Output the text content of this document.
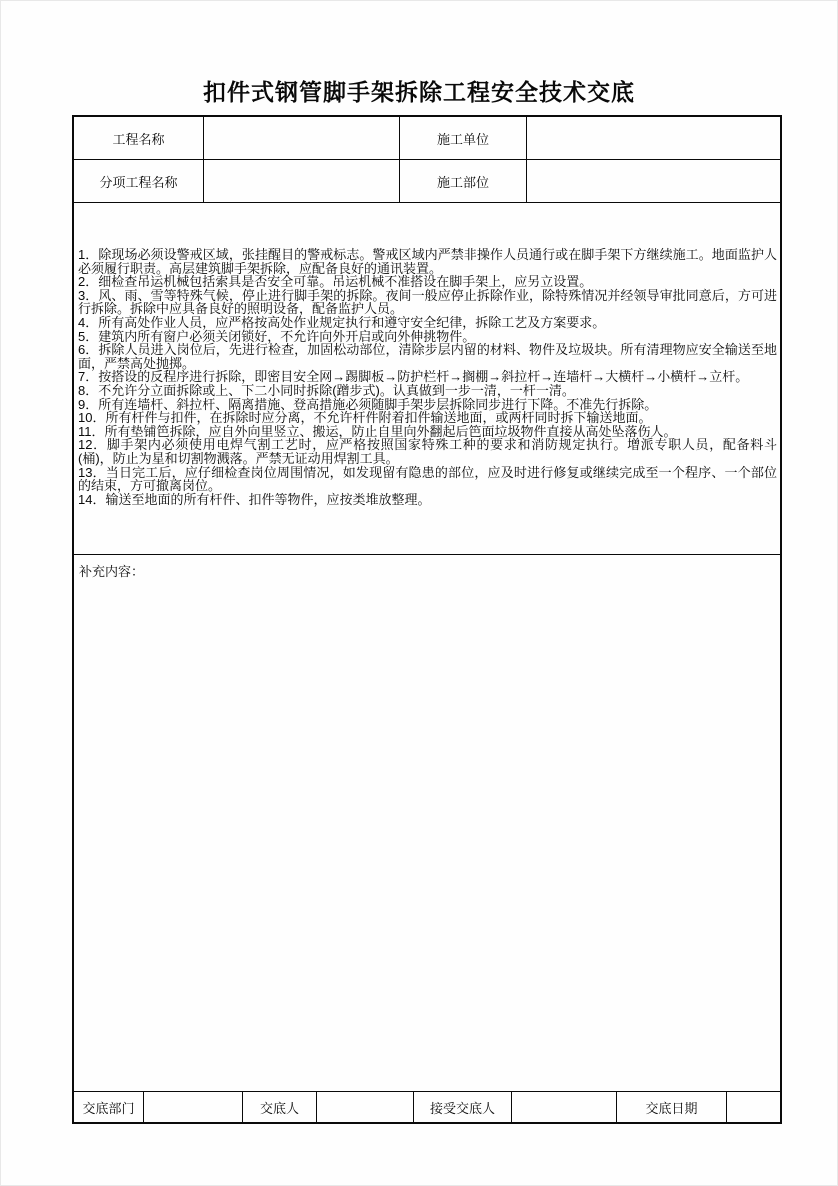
扣件式钢管脚手架拆除工程安全技术交底
工程名称	施工单位
分项工程名称	施工部位
1．除现场必须设警戒区域，张挂醒目的警戒标志。警戒区域内严禁非操作人员通行或在脚手架下方继续施工。地面监护人必须履行职责。高层建筑脚手架拆除，应配备良好的通讯装置。
2．细检查吊运机械包括索具是否安全可靠。吊运机械不准搭设在脚手架上，应另立设置。
3．风、雨、雪等特殊气候，停止进行脚手架的拆除。夜间一般应停止拆除作业，除特殊情况并经领导审批同意后，方可进行拆除。拆除中应具备良好的照明设备，配备监护人员。
4．所有高处作业人员，应严格按高处作业规定执行和遵守安全纪律，拆除工艺及方案要求。
5．建筑内所有窗户必须关闭锁好，不允许向外开启或向外伸挑物件。
6．拆除人员进入岗位后，先进行检查，加固松动部位，清除步层内留的材料、物件及垃圾块。所有清理物应安全输送至地面，严禁高处抛掷。
7．按搭设的反程序进行拆除，即密目安全网→踢脚板→防护栏杆→搁棚→斜拉杆→连墙杆→大横杆→小横杆→立杆。
8．不允许分立面拆除或上、下二小同时拆除(蹭步式)。认真做到一步一清，一杆一清。
9．所有连墙杆、斜拉杆、隔离措施、登高措施必须随脚手架步层拆除同步进行下降。不准先行拆除。
10．所有杆件与扣件，在拆除时应分离，不允许杆件附着扣件输送地面，或两杆同时拆下输送地面。
11．所有垫铺笆拆除，应自外向里竖立、搬运，防止自里向外翻起后笆面垃圾物件直接从高处坠落伤人。
12．脚手架内必须使用电焊气割工艺时，应严格按照国家特殊工种的要求和消防规定执行。增派专职人员，配备料斗(桶)，防止为星和切割物溅落。严禁无证动用焊割工具。
13．当日完工后，应仔细检查岗位周围情况，如发现留有隐患的部位，应及时进行修复或继续完成至一个程序、一个部位的结束，方可撤离岗位。
14．输送至地面的所有杆件、扣件等物件，应按类堆放整理。
补充内容：
交底部门	交底人	接受交底人	交底日期
